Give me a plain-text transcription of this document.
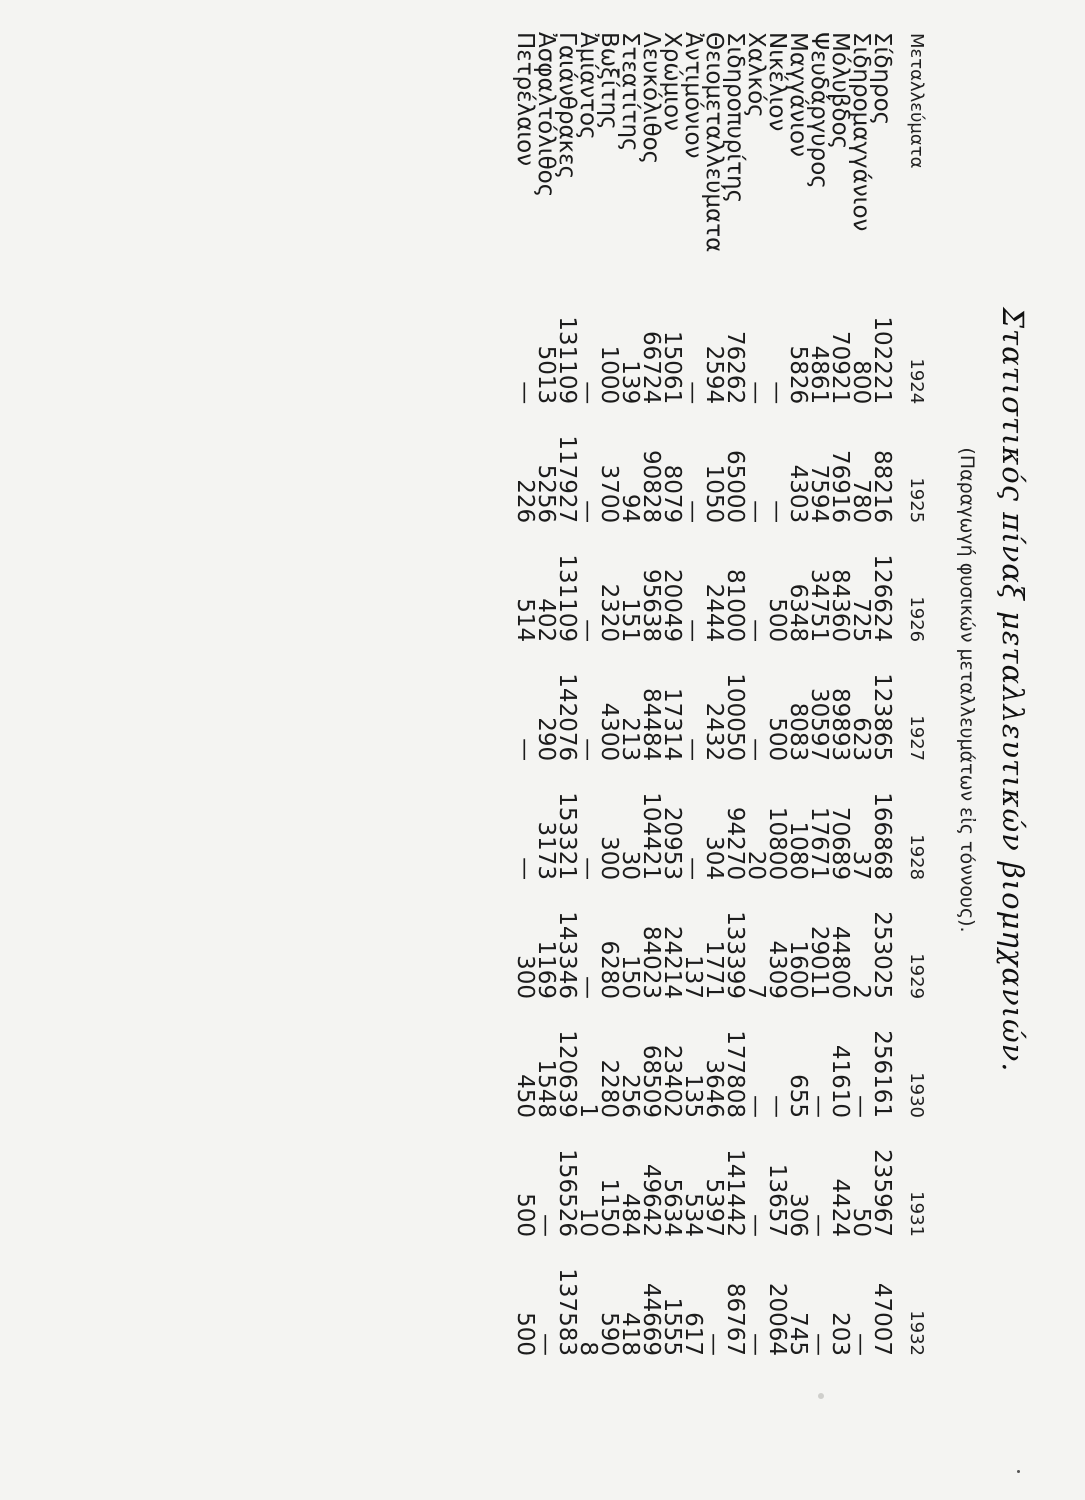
Στατιστικός πίναξ μεταλλευτικών βιομηχανιών.
(Παραγωγή φυσικών μεταλλευμάτων εἰς τόννους).
Μεταλλεύματα	1924	1925	1926	1927	1928	1929	1930	1931	1932
Σίδηρος	102221	88216	126624	123865	166868	253025	256161	235967	47007
Σιδηρομαγγάνιον	800	780	725	623	37	2	—	50	—
Μόλυβδος	70921	76916	84360	89893	70689	44800	41610	4424	203
Ψευδάργυρος	4861	7594	34751	30597	17671	29011	—	—	—
Μαγγάνιον	5826	4303	6348	8083	1080	1600	655	306	745
Νικέλιον	—	—	500	500	10800	4309	—	13657	20064
Χαλκός	—	—	—	—	20	7	—	—	—
Σιδηροπυρίτης	76262	65000	81000	100050	94270	133399	177808	141442	86767
Θειομεταλλεύματα	2594	1050	2444	2432	304	1771	3646	5397	—
Ἀντιμόνιον	—	—	—	—	—	137	135	534	617
Χρώμιον	15061	8079	20049	17314	20953	24214	23402	5634	1555
Λευκόλιθος	66724	90828	95638	84484	104421	84023	68509	49642	44669
Στεατίτης	139	94	151	213	30	150	256	484	418
Βωξίτης	1000	3700	2320	4300	300	6280	2280	1150	590
Ἀμίαντος	—	—	—	—	—	—	1	10	8
Γαιάνθρακες	131109	117927	131109	142076	153321	143346	120639	156526	137583
Ἀσφαλτόλιθος	5013	5256	402	290	3173	1169	1548	—	—
Πετρέλαιον	—	226	514	—	—	300	450	500	500
